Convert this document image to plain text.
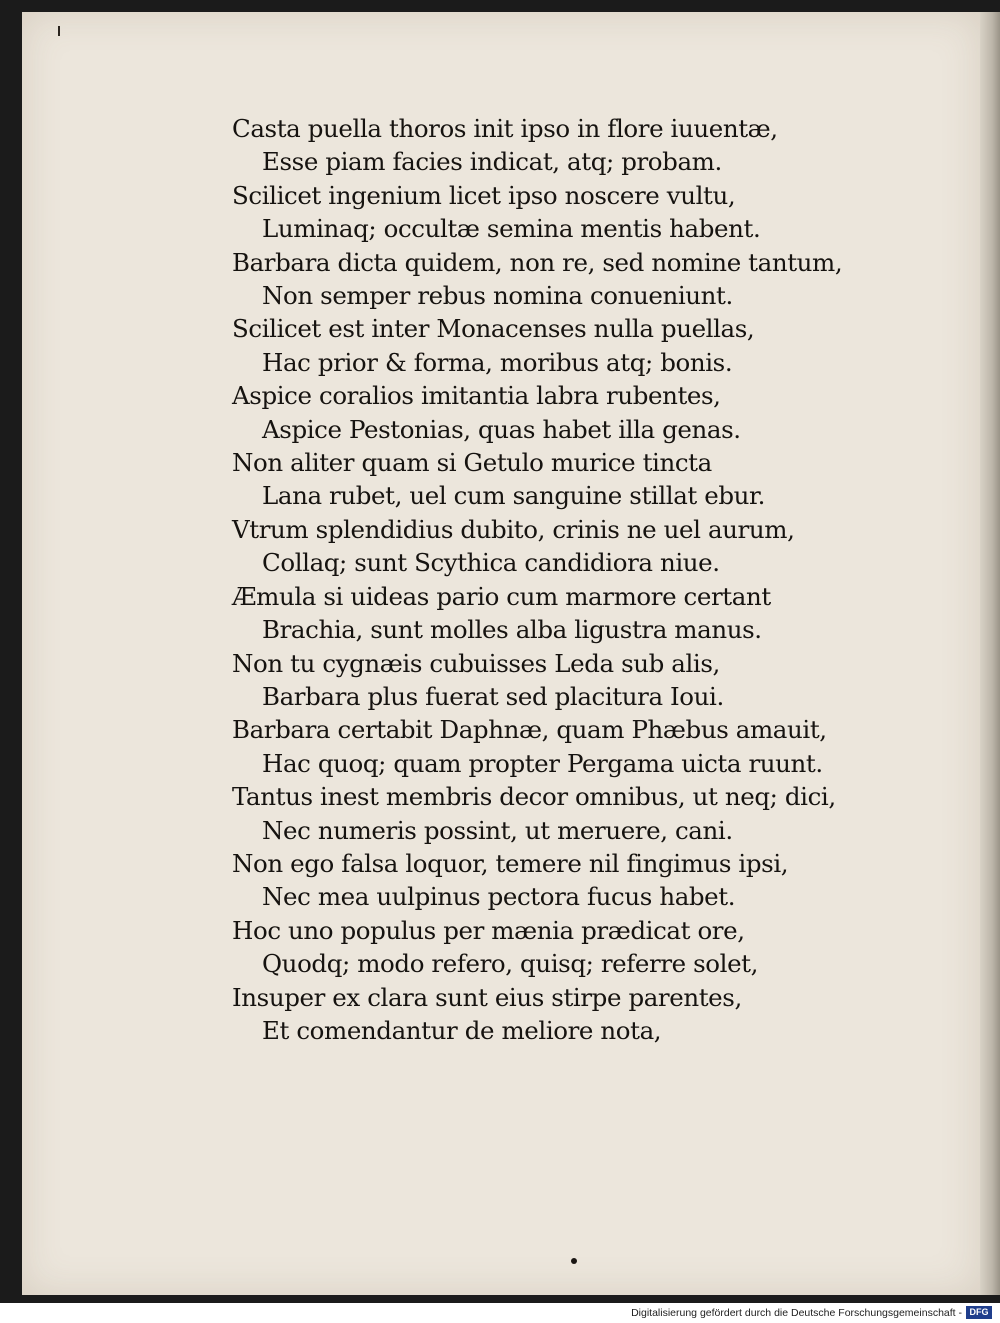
Casta puella thoros init ipso in flore iuuentæ,
Esse piam facies indicat, atq; probam.
Scilicet ingenium licet ipso noscere vultu,
Luminaq; occultæ semina mentis habent.
Barbara dicta quidem, non re, sed nomine tantum,
Non semper rebus nomina conueniunt.
Scilicet est inter Monacenses nulla puellas,
Hac prior & forma, moribus atq; bonis.
Aspice coralios imitantia labra rubentes,
Aspice Pestonias, quas habet illa genas.
Non aliter quam si Getulo murice tincta
Lana rubet, uel cum sanguine stillat ebur.
Vtrum splendidius dubito, crinis ne uel aurum,
Collaq; sunt Scythica candidiora niue.
Æmula si uideas pario cum marmore certant
Brachia, sunt molles alba ligustra manus.
Non tu cygnæis cubuisses Leda sub alis,
Barbara plus fuerat sed placitura Ioui.
Barbara certabit Daphnæ, quam Phæbus amauit,
Hac quoq; quam propter Pergama uicta ruunt.
Tantus inest membris decor omnibus, ut neq; dici,
Nec numeris possint, ut meruere, cani.
Non ego falsa loquor, temere nil fingimus ipsi,
Nec mea uulpinus pectora fucus habet.
Hoc uno populus per mænia prædicat ore,
Quodq; modo refero, quisq; referre solet,
Insuper ex clara sunt eius stirpe parentes,
Et comendantur de meliore nota,
Digitalisierung gefördert durch die Deutsche Forschungsgemeinschaft - DFG
